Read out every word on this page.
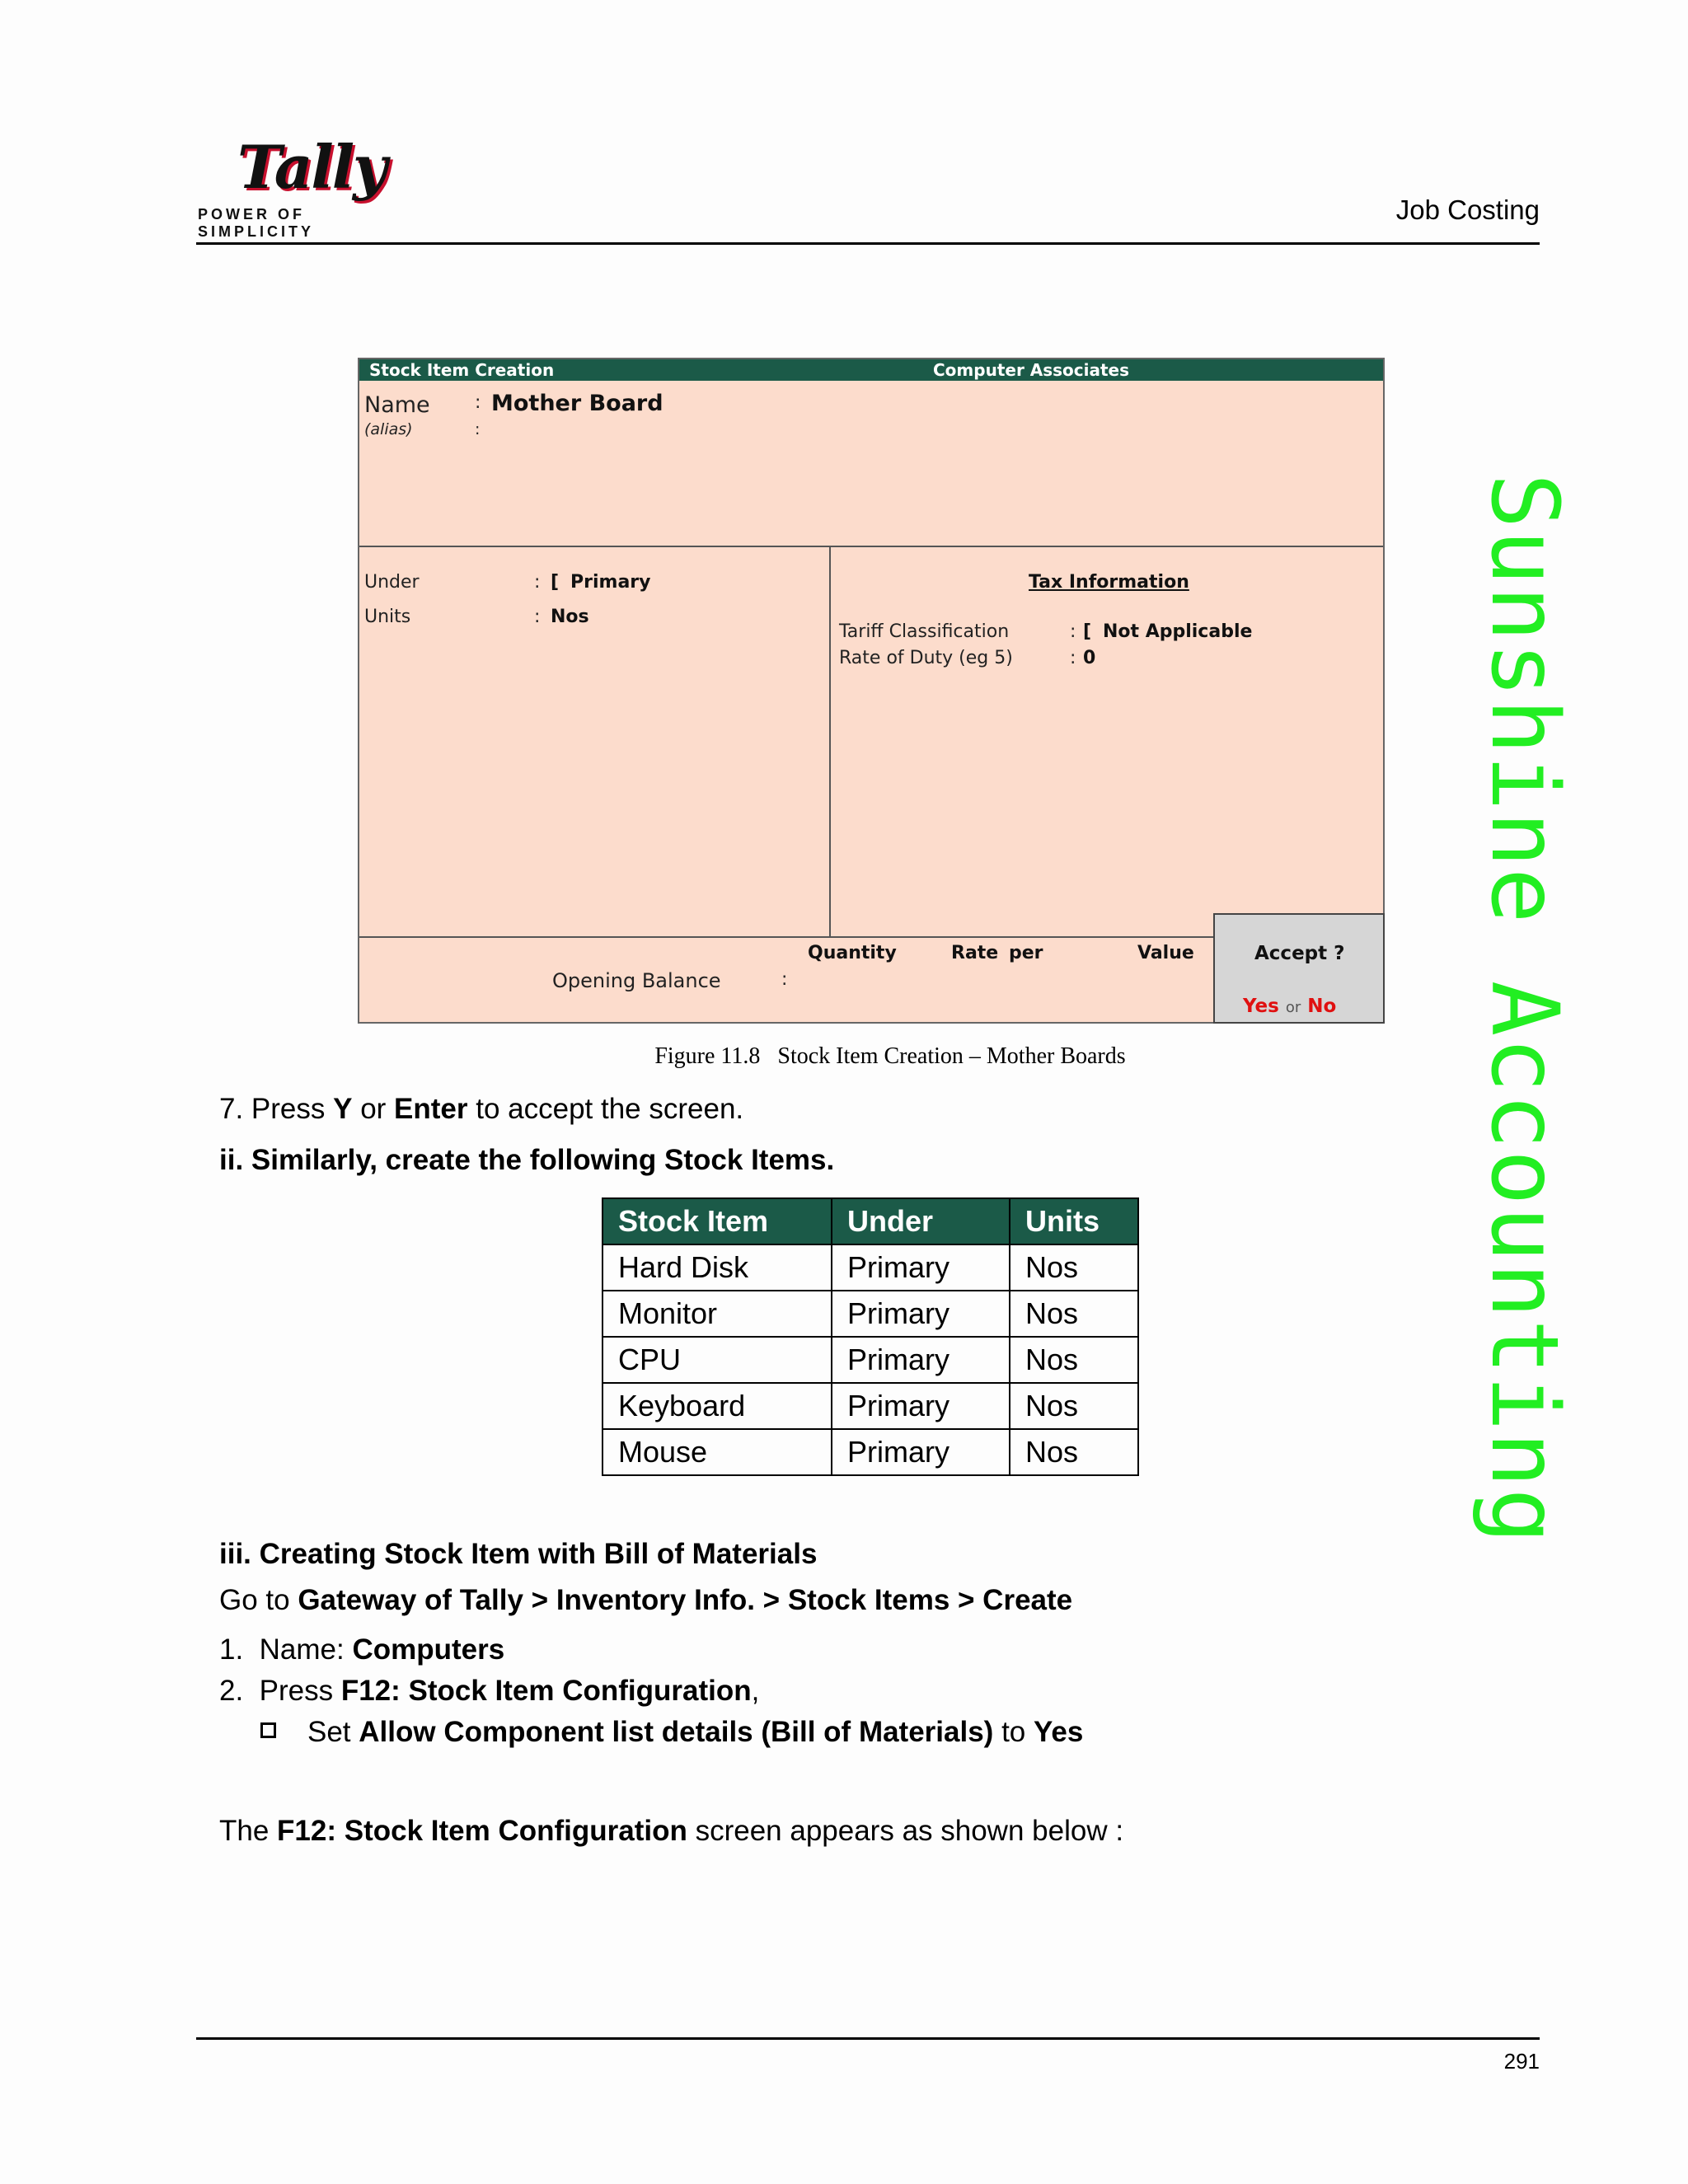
Tally
POWER OF SIMPLICITY
Job Costing
Sunshine Accounting
Stock Item Creation	Computer Associates
Name : Mother Board
(alias)	:
Under	: [ Primary
Units	: Nos
Tax Information
Tariff Classification	: [ Not Applicable
Rate of Duty (eg 5)	: 0
Quantity	Rate per	Value
Opening Balance	:
Accept ?
Yes or No
Figure 11.8   Stock Item Creation – Mother Boards
7. Press Y or Enter to accept the screen.
ii. Similarly, create the following Stock Items.
Stock Item	Under	Units
Hard Disk	Primary	Nos
Monitor	Primary	Nos
CPU	Primary	Nos
Keyboard	Primary	Nos
Mouse	Primary	Nos
iii. Creating Stock Item with Bill of Materials
Go to Gateway of Tally > Inventory Info. > Stock Items > Create
1.  Name: Computers
2.  Press F12: Stock Item Configuration,
Set Allow Component list details (Bill of Materials) to Yes
The F12: Stock Item Configuration screen appears as shown below :
291
